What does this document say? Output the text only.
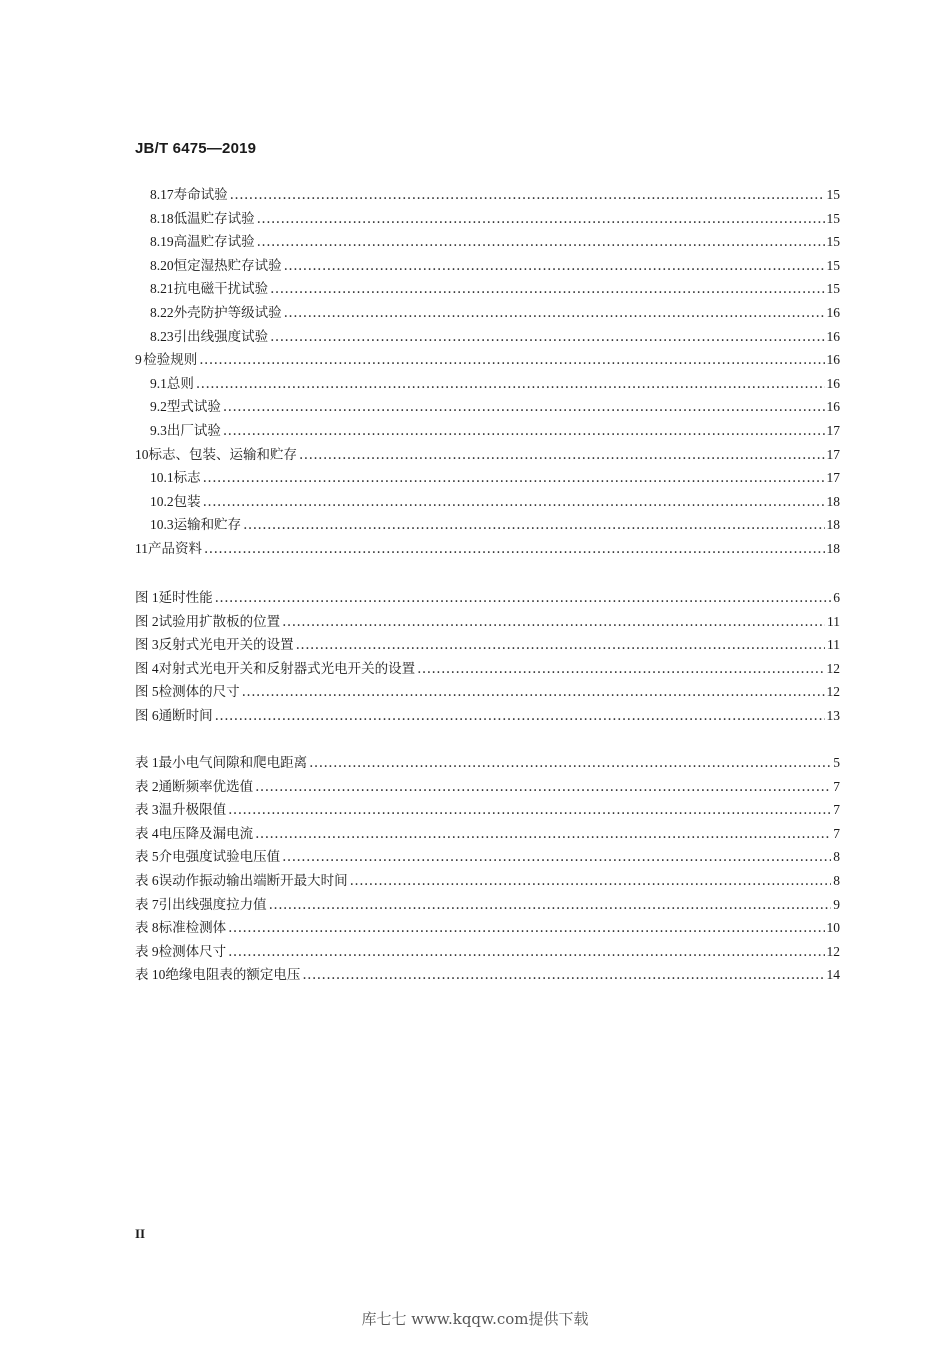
JB/T 6475—2019
8.17 寿命试验 .....	15
8.18 低温贮存试验 .....	15
8.19 高温贮存试验 .....	15
8.20 恒定湿热贮存试验 .....	15
8.21 抗电磁干扰试验 .....	15
8.22 外壳防护等级试验 .....	16
8.23 引出线强度试验 .....	16
9 检验规则 .....	16
9.1 总则 .....	16
9.2 型式试验 .....	16
9.3 出厂试验 .....	17
10 标志、包装、运输和贮存 .....	17
10.1 标志 .....	17
10.2 包装 .....	18
10.3 运输和贮存 .....	18
11 产品资料 .....	18
图 1 延时性能 .....	6
图 2 试验用扩散板的位置 .....	11
图 3 反射式光电开关的设置 .....	11
图 4 对射式光电开关和反射器式光电开关的设置 .....	12
图 5 检测体的尺寸 .....	12
图 6 通断时间 .....	13
表 1 最小电气间隙和爬电距离 .....	5
表 2 通断频率优选值 .....	7
表 3 温升极限值 .....	7
表 4 电压降及漏电流 .....	7
表 5 介电强度试验电压值 .....	8
表 6 误动作振动输出端断开最大时间 .....	8
表 7 引出线强度拉力值 .....	9
表 8 标准检测体 .....	10
表 9 检测体尺寸 .....	12
表 10 绝缘电阻表的额定电压 .....	14
II
库七七 www.kqqw.com提供下载
